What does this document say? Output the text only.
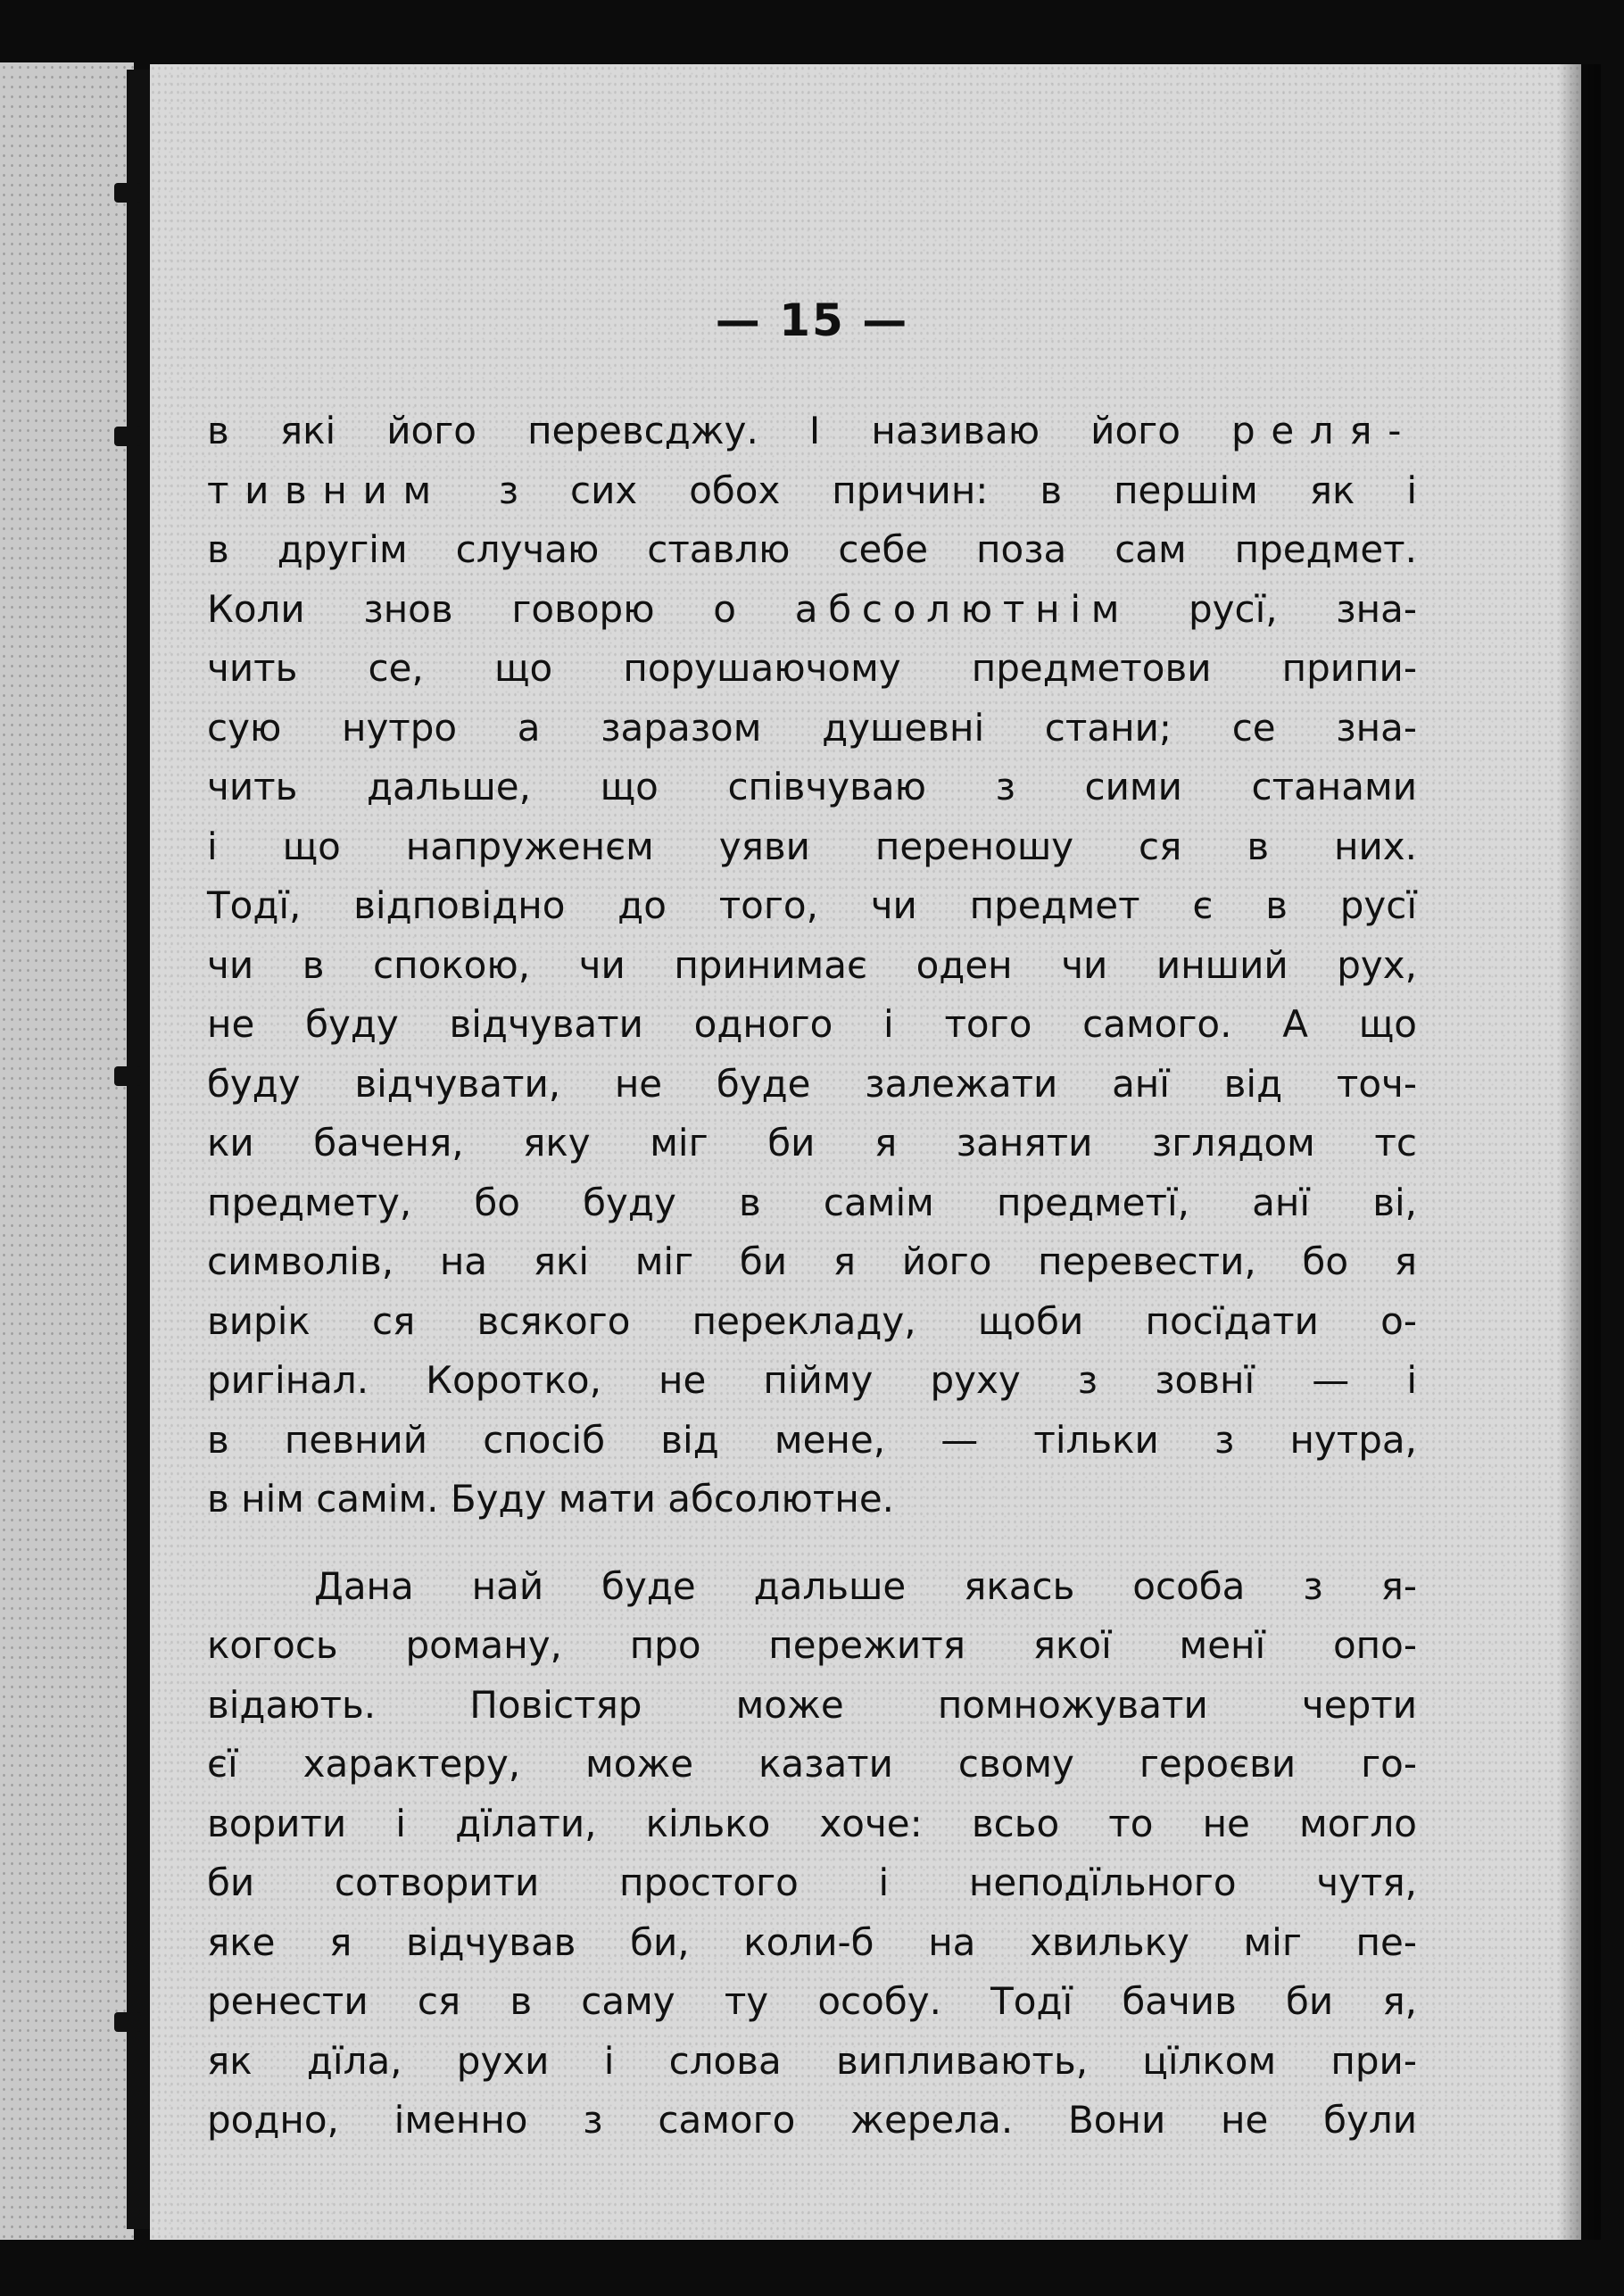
— 15 —
в які його перевсджу. І називаю його реля-
тивним з сих обох причин: в першім як і
в другім случаю ставлю себе поза сам предмет.
Коли знов говорю о абсолютнім русї, зна-
чить се, що порушаючому предметови припи-
сую нутро а заразом душевні стани; се зна-
чить дальше, що співчуваю з сими станами
і що напруженєм уяви переношу ся в них.
Тодї, відповідно до того, чи предмет є в русї
чи в спокою, чи принимає оден чи инший рух,
не буду відчувати одного і того самого. А що
буду відчувати, не буде залежати анї від точ-
ки баченя, яку міг би я заняти зглядом тс
предмету, бо буду в самім предметї, анї ві,
символів, на які міг би я його перевести, бо я
вирік ся всякого перекладу, щоби посїдати о-
ригінал. Коротко, не пійму руху з зовнї — і
в певний спосіб від мене, — тільки з нутра,
в нім самім. Буду мати абсолютне.
Дана най буде дальше якась особа з я-
когось роману, про пережитя якої менї опо-
відають. Повістяр може помножувати черти
єї характеру, може казати свому героєви го-
ворити і дїлати, кілько хоче: всьо то не могло
би сотворити простого і неподїльного чутя,
яке я відчував би, коли-б на хвильку міг пе-
ренести ся в саму ту особу. Тодї бачив би я,
як дїла, рухи і слова випливають, цїлком при-
родно, іменно з самого жерела. Вони не були
